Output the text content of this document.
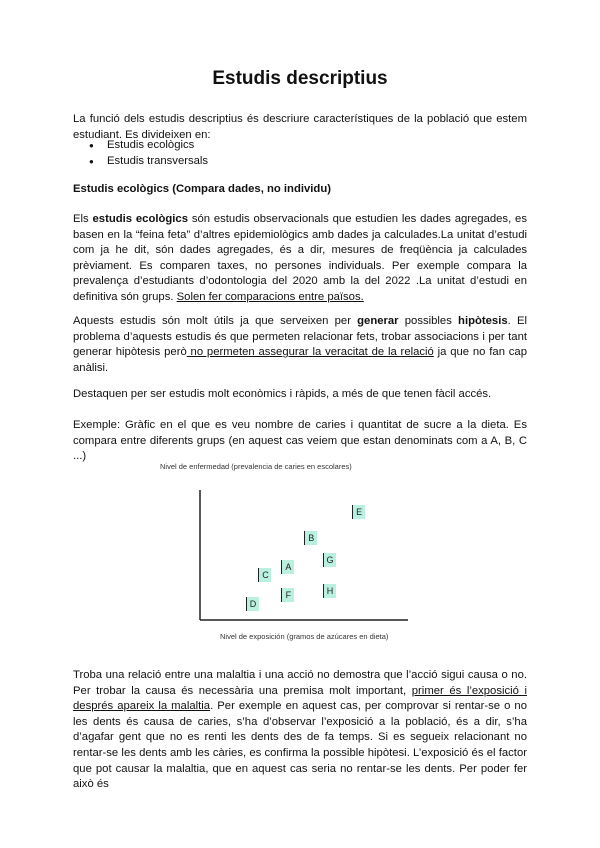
Estudis descriptius

La funció dels estudis descriptius és descriure característiques de la població que estem estudiant. Es divideixen en:

● Estudis ecològics
● Estudis transversals

Estudis ecològics (Compara dades, no individu)

Els estudis ecològics són estudis observacionals que estudien les dades agregades, es basen en la “feina feta” d’altres epidemiològics amb dades ja calculades.La unitat d’estudi com ja he dit, són dades agregades, és a dir, mesures de freqüència ja calculades prèviament. Es comparen taxes, no persones individuals. Per exemple compara la prevalença d’estudiants d’odontologia del 2020 amb la del 2022 .La unitat d’estudi en definitiva són grups. Solen fer comparacions entre països.

Aquests estudis són molt útils ja que serveixen per generar possibles hipòtesis. El problema d’aquests estudis és que permeten relacionar fets, trobar associacions i per tant generar hipòtesis però no permeten assegurar la veracitat de la relació ja que no fan cap anàlisi.

Destaquen per ser estudis molt econòmics i ràpids, a més de que tenen fàcil accés.

Exemple: Gràfic en el que es veu nombre de caries i quantitat de sucre a la dieta. Es compara entre diferents grups (en aquest cas veiem que estan denominats com a A, B, C ...)

Nivel de enfermedad (prevalencia de caries en escolares)
A
B
C
D
E
F
G
H
Nivel de exposición (gramos de azúcares en dieta)

Troba una relació entre una malaltia i una acció no demostra que l’acció sigui causa o no. Per trobar la causa és necessària una premisa molt important, primer és l’exposició i després apareix la malaltia. Per exemple en aquest cas, per comprovar si rentar-se o no les dents és causa de caries, s’ha d’observar l’exposició a la població, és a dir, s’ha d’agafar gent que no es renti les dents des de fa temps. Si es segueix relacionant no rentar-se les dents amb les càries, es confirma la possible hipòtesi. L’exposició és el factor que pot causar la malaltia, que en aquest cas seria no rentar-se les dents. Per poder fer això és
